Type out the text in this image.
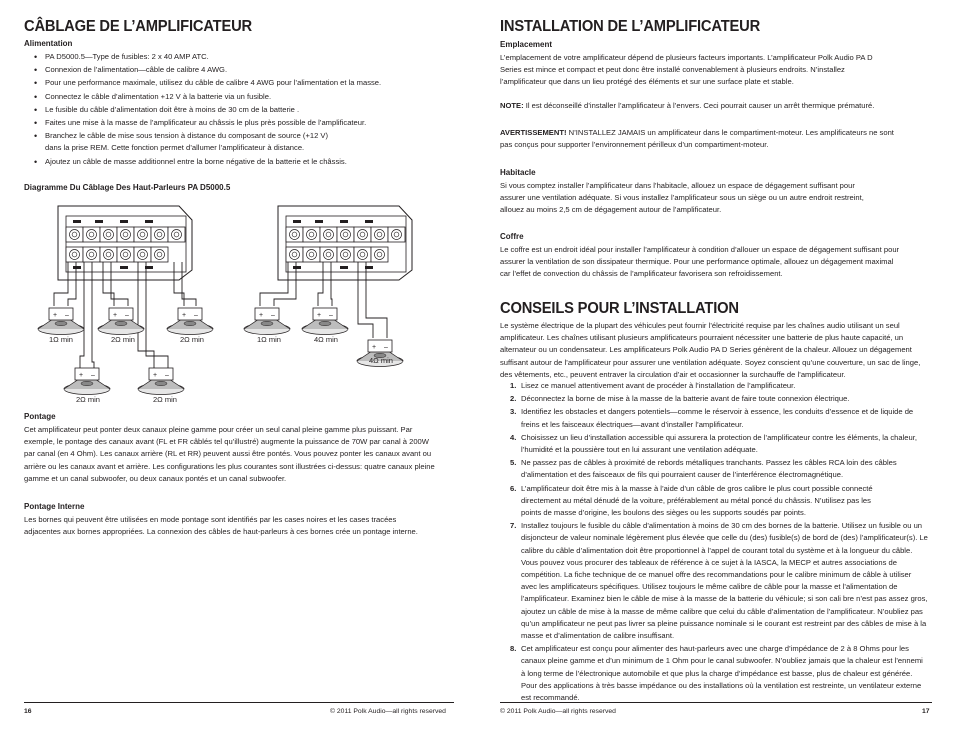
CÂBLAGE DE L’AMPLIFICATEUR
Alimentation
• PA D5000.5—Type de fusibles: 2 x 40 AMP ATC.
• Connexion de l’alimentation—câble de calibre 4 AWG.
• Pour une performance maximale, utilisez du câble de calibre 4 AWG pour l’alimentation et la masse.
• Connectez le câble d’alimentation +12 V à la batterie via un fusible.
• Le fusible du câble d’alimentation doit être à moins de 30 cm de la batterie .
• Faites une mise à la masse de l’amplificateur au châssis le plus près possible de l’amplificateur.
• Branchez le câble de mise sous tension à distance du composant de source (+12 V) dans la prise REM. Cette fonction permet d’allumer l’amplificateur à distance.
• Ajoutez un câble de masse additionnel entre la borne négative de la batterie et le châssis.
Diagramme Du Câblage Des Haut-Parleurs PA D5000.5
+	–
1Ω min	2Ω min	2Ω min
2Ω min	2Ω min
1Ω min	4Ω min
4Ω min
Pontage

Cet amplificateur peut ponter deux canaux pleine gamme pour créer un seul canal pleine gamme plus puissant. Par exemple, le pontage des canaux avant (FL et FR câblés tel qu’illustré) augmente la puissance de 70W par canal à 200W par canal (en 4 Ohm). Les canaux arrière (RL et RR) peuvent aussi être pontés. Vous pouvez ponter les canaux avant ou arrière ou les canaux avant et arrière. Les configurations les plus courantes sont illustrées ci-dessus: quatre canaux pleine gamme et un canal subwoofer, ou deux canaux pontés et un canal subwoofer.

Pontage Interne

Les bornes qui peuvent être utilisées en mode pontage sont identifiés par les cases noires et les cases tracées adjacentes aux bornes appropriées. La connexion des câbles de haut-parleurs à ces bornes crée un pontage interne.

16	© 2011 Polk Audio—all rights reserved
INSTALLATION DE L’AMPLIFICATEUR
Emplacement

L’emplacement de votre amplificateur dépend de plusieurs facteurs importants. L’amplificateur Polk Audio PA D Series est mince et compact et peut donc être installé convenablement à plusieurs endroits. N’installez l’amplificateur que dans un lieu protégé des éléments et sur une surface plate et stable.

NOTE: Il est déconseillé d’installer l’amplificateur à l’envers. Ceci pourrait causer un arrêt thermique prématuré.

AVERTISSEMENT! N’INSTALLEZ JAMAIS un amplificateur dans le compartiment-moteur. Les amplificateurs ne sont pas conçus pour supporter l’environnement périlleux d’un compartiment-moteur.

Habitacle

Si vous comptez installer l’amplificateur dans l’habitacle, allouez un espace de dégagement suffisant pour assurer une ventilation adéquate. Si vous installez l’amplificateur sous un siège ou un autre endroit restreint, allouez au moins 2,5 cm de dégagement autour de l’amplificateur.

Coffre

Le coffre est un endroit idéal pour installer l’amplificateur à condition d’allouer un espace de dégagement suffisant pour assurer la ventilation de son dissipateur thermique. Pour une performance optimale, allouez un dégagement maximal car l’effet de convection du châssis de l’amplificateur favorisera son refroidissement.

CONSEILS POUR L’INSTALLATION

Le système électrique de la plupart des véhicules peut fournir l’électricité requise par les chaînes audio utilisant un seul amplificateur. Les chaînes utilisant plusieurs amplificateurs pourraient nécessiter une batterie de plus haute capacité, un alternateur ou un condensateur. Les amplificateurs Polk Audio PA D Series génèrent de la chaleur. Allouez un dégagement suffisant autour de l’amplificateur pour assurer une ventilation adéquate. Soyez conscient qu’une couverture, un sac de linge, des vêtements, etc., peuvent entraver la circulation d’air et occasionner la surchauffe de l’amplificateur.

1. Lisez ce manuel attentivement avant de procéder à l’installation de l’amplificateur.
2. Déconnectez la borne de mise à la masse de la batterie avant de faire toute connexion électrique.
3. Identifiez les obstacles et dangers potentiels—comme le réservoir à essence, les conduits d’essence et de liquide de freins et les faisceaux électriques—avant d’installer l’amplificateur.
4. Choisissez un lieu d’installation accessible qui assurera la protection de l’amplificateur contre les éléments, la chaleur, l’humidité et la poussière tout en lui assurant une ventilation adéquate.
5. Ne passez pas de câbles à proximité de rebords métalliques tranchants. Passez les câbles RCA loin des câbles d’alimentation et des faisceaux de fils qui pourraient causer de l’interférence électromagnétique.
6. L’amplificateur doit être mis à la masse à l’aide d’un câble de gros calibre le plus court possible connecté directement au métal dénudé de la voiture, préférablement au métal poncé du châssis. N’utilisez pas les points de masse d’origine, les boulons des sièges ou les supports soudés par points.
7. Installez toujours le fusible du câble d’alimentation à moins de 30 cm des bornes de la batterie. Utilisez un fusible ou un disjoncteur de valeur nominale légèrement plus élevée que celle du (des) fusible(s) de bord de (des) l’amplificateur(s). Le calibre du câble d’alimentation doit être proportionnel à l’appel de courant total du système et à la longueur du câble. Vous pouvez vous procurer des tableaux de référence à ce sujet à la IASCA, la MECP et autres associations de compétition. La fiche technique de ce manuel offre des recommandations pour le calibre minimum de câble à utiliser avec les amplificateurs spécifiques. Utilisez toujours le même calibre de câble pour la masse et l’alimentation de l’amplificateur. Examinez bien le câble de mise à la masse de la batterie du véhicule; si son cali bre n’est pas assez gros, ajoutez un câble de mise à la masse de même calibre que celui du câble d’alimentation de l’amplificateur. N’oubliez pas qu’un amplificateur ne peut pas livrer sa pleine puissance nominale si le courant est restreint par des câbles de mise à la masse et d’alimentation de calibre insuffisant.
8. Cet amplificateur est conçu pour alimenter des haut-parleurs avec une charge d’impédance de 2 à 8 Ohms pour les canaux pleine gamme et d’un minimum de 1 Ohm pour le canal subwoofer. N’oubliez jamais que la chaleur est l’ennemi à long terme de l’électronique automobile et que plus la charge d’impédance est basse, plus de chaleur est générée. Pour des applications à très basse impédance ou des installations où la ventilation est restreinte, un ventilateur externe est recommandé.
© 2011 Polk Audio—all rights reserved	17
